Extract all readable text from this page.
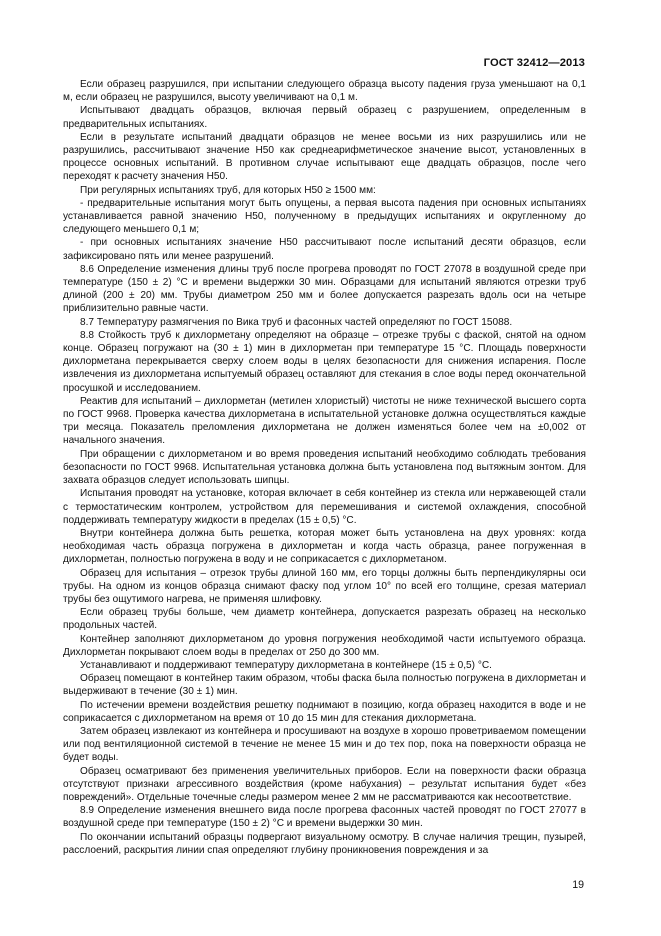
ГОСТ 32412—2013

Если образец разрушился, при испытании следующего образца высоту падения груза уменьшают на 0,1 м, если образец не разрушился, высоту увеличивают на 0,1 м.

Испытывают двадцать образцов, включая первый образец с разрушением, определенным в предварительных испытаниях.

Если в результате испытаний двадцати образцов не менее восьми из них разрушились или не разрушились, рассчитывают значение Н50 как среднеарифметическое значение высот, установленных в процессе основных испытаний. В противном случае испытывают еще двадцать образцов, после чего переходят к расчету значения Н50.

При регулярных испытаниях труб, для которых Н50 ≥ 1500 мм:

- предварительные испытания могут быть опущены, а первая высота падения при основных испытаниях устанавливается равной значению Н50, полученному в предыдущих испытаниях и округленному до следующего меньшего 0,1 м;

- при основных испытаниях значение Н50 рассчитывают после испытаний десяти образцов, если зафиксировано пять или менее разрушений.

8.6 Определение изменения длины труб после прогрева проводят по ГОСТ 27078 в воздушной среде при температуре (150 ± 2) °С и времени выдержки 30 мин. Образцами для испытаний являются отрезки труб длиной (200 ± 20) мм. Трубы диаметром 250 мм и более допускается разрезать вдоль оси на четыре приблизительно равные части.

8.7 Температуру размягчения по Вика труб и фасонных частей определяют по ГОСТ 15088.

8.8 Стойкость труб к дихлорметану определяют на образце – отрезке трубы с фаской, снятой на одном конце. Образец погружают на (30 ± 1) мин в дихлорметан при температуре 15 °С. Площадь поверхности дихлорметана перекрывается сверху слоем воды в целях безопасности для снижения испарения. После извлечения из дихлорметана испытуемый образец оставляют для стекания в слое воды перед окончательной просушкой и исследованием.

Реактив для испытаний – дихлорметан (метилен хлористый) чистоты не ниже технической высшего сорта по ГОСТ 9968. Проверка качества дихлорметана в испытательной установке должна осуществляться каждые три месяца. Показатель преломления дихлорметана не должен изменяться более чем на ±0,002 от начального значения.

При обращении с дихлорметаном и во время проведения испытаний необходимо соблюдать требования безопасности по ГОСТ 9968. Испытательная установка должна быть установлена под вытяжным зонтом. Для захвата образцов следует использовать шипцы.

Испытания проводят на установке, которая включает в себя контейнер из стекла или нержавеющей стали с термостатическим контролем, устройством для перемешивания и системой охлаждения, способной поддерживать температуру жидкости в пределах (15 ± 0,5) °С.

Внутри контейнера должна быть решетка, которая может быть установлена на двух уровнях: когда необходимая часть образца погружена в дихлорметан и когда часть образца, ранее погруженная в дихлорметан, полностью погружена в воду и не соприкасается с дихлорметаном.

Образец для испытания – отрезок трубы длиной 160 мм, его торцы должны быть перпендикулярны оси трубы. На одном из концов образца снимают фаску под углом 10° по всей его толщине, срезая материал трубы без ощутимого нагрева, не применяя шлифовку.

Если образец трубы больше, чем диаметр контейнера, допускается разрезать образец на несколько продольных частей.

Контейнер заполняют дихлорметаном до уровня погружения необходимой части испытуемого образца. Дихлорметан покрывают слоем воды в пределах от 250 до 300 мм.

Устанавливают и поддерживают температуру дихлорметана в контейнере (15 ± 0,5) °С.

Образец помещают в контейнер таким образом, чтобы фаска была полностью погружена в дихлорметан и выдерживают в течение (30 ± 1) мин.

По истечении времени воздействия решетку поднимают в позицию, когда образец находится в воде и не соприкасается с дихлорметаном на время от 10 до 15 мин для стекания дихлорметана.

Затем образец извлекают из контейнера и просушивают на воздухе в хорошо проветриваемом помещении или под вентиляционной системой в течение не менее 15 мин и до тех пор, пока на поверхности образца не будет воды.

Образец осматривают без применения увеличительных приборов. Если на поверхности фаски образца отсутствуют признаки агрессивного воздействия (кроме набухания) – результат испытания будет «без повреждений». Отдельные точечные следы размером менее 2 мм не рассматриваются как несоответствие.

8.9 Определение изменения внешнего вида после прогрева фасонных частей проводят по ГОСТ 27077 в воздушной среде при температуре (150 ± 2) °С и времени выдержки 30 мин.

По окончании испытаний образцы подвергают визуальному осмотру. В случае наличия трещин, пузырей, расслоений, раскрытия линии спая определяют глубину проникновения повреждения и за

19
